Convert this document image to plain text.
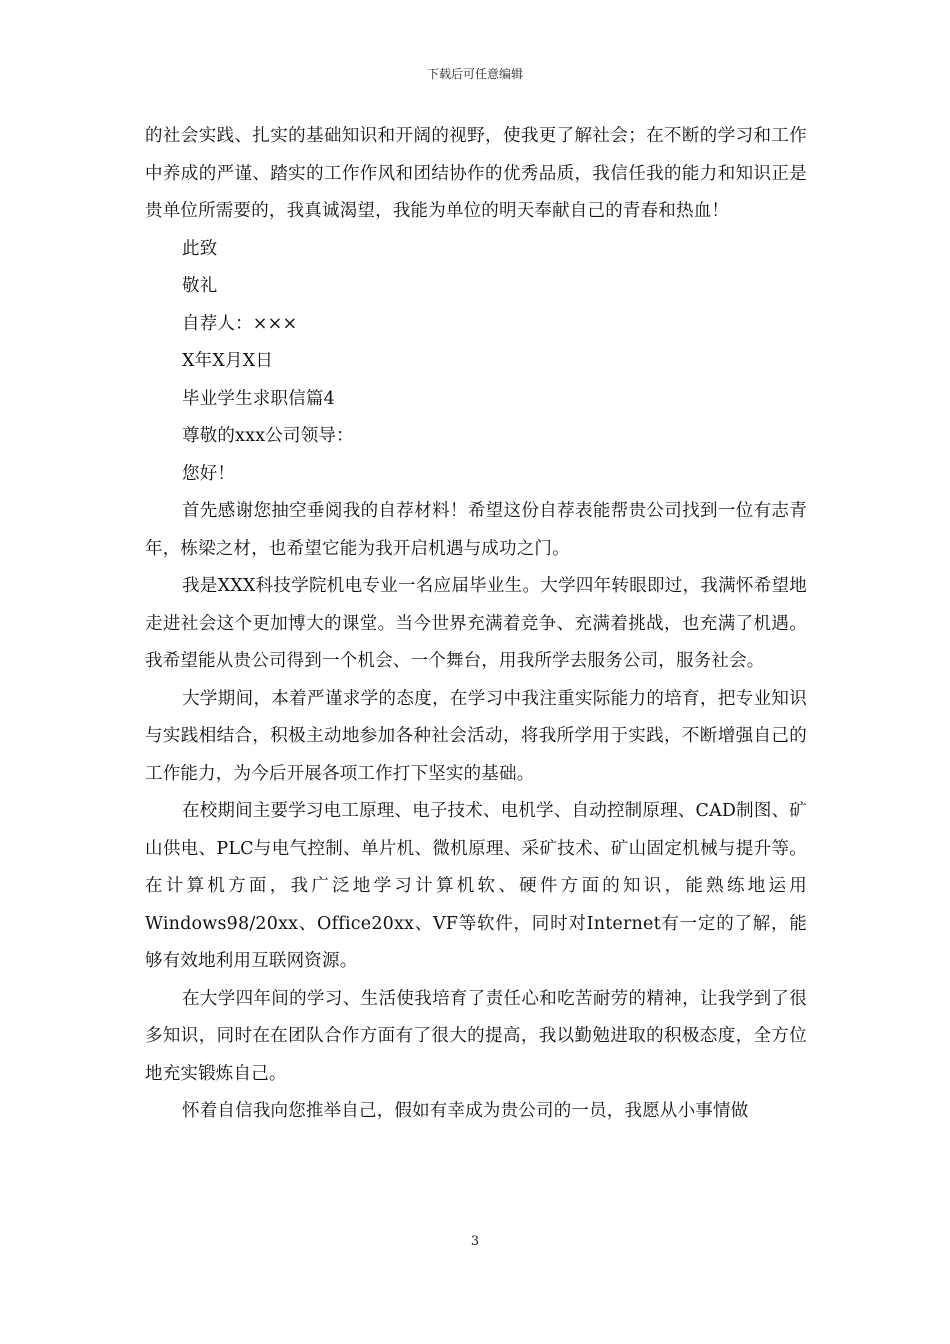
下载后可任意编辑

的社会实践、扎实的基础知识和开阔的视野，使我更了解社会；在不断的学习和工作中养成的严谨、踏实的工作作风和团结协作的优秀品质，我信任我的能力和知识正是贵单位所需要的，我真诚渴望，我能为单位的明天奉献自己的青春和热血！

此致

敬礼

自荐人：×××

X年X月X日

毕业学生求职信篇4

尊敬的xxx公司领导：

您好！

首先感谢您抽空垂阅我的自荐材料！希望这份自荐表能帮贵公司找到一位有志青年，栋梁之材，也希望它能为我开启机遇与成功之门。

我是XXX科技学院机电专业一名应届毕业生。大学四年转眼即过，我满怀希望地走进社会这个更加博大的课堂。当今世界充满着竞争、充满着挑战，也充满了机遇。我希望能从贵公司得到一个机会、一个舞台，用我所学去服务公司，服务社会。

大学期间，本着严谨求学的态度，在学习中我注重实际能力的培育，把专业知识与实践相结合，积极主动地参加各种社会活动，将我所学用于实践，不断增强自己的工作能力，为今后开展各项工作打下坚实的基础。

在校期间主要学习电工原理、电子技术、电机学、自动控制原理、CAD制图、矿山供电、PLC与电气控制、单片机、微机原理、采矿技术、矿山固定机械与提升等。在计算机方面，我广泛地学习计算机软、硬件方面的知识，能熟练地运用Windows98/20xx、Office20xx、VF等软件，同时对Internet有一定的了解，能够有效地利用互联网资源。

在大学四年间的学习、生活使我培育了责任心和吃苦耐劳的精神，让我学到了很多知识，同时在在团队合作方面有了很大的提高，我以勤勉进取的积极态度，全方位地充实锻炼自己。

怀着自信我向您推举自己，假如有幸成为贵公司的一员，我愿从小事情做

3
